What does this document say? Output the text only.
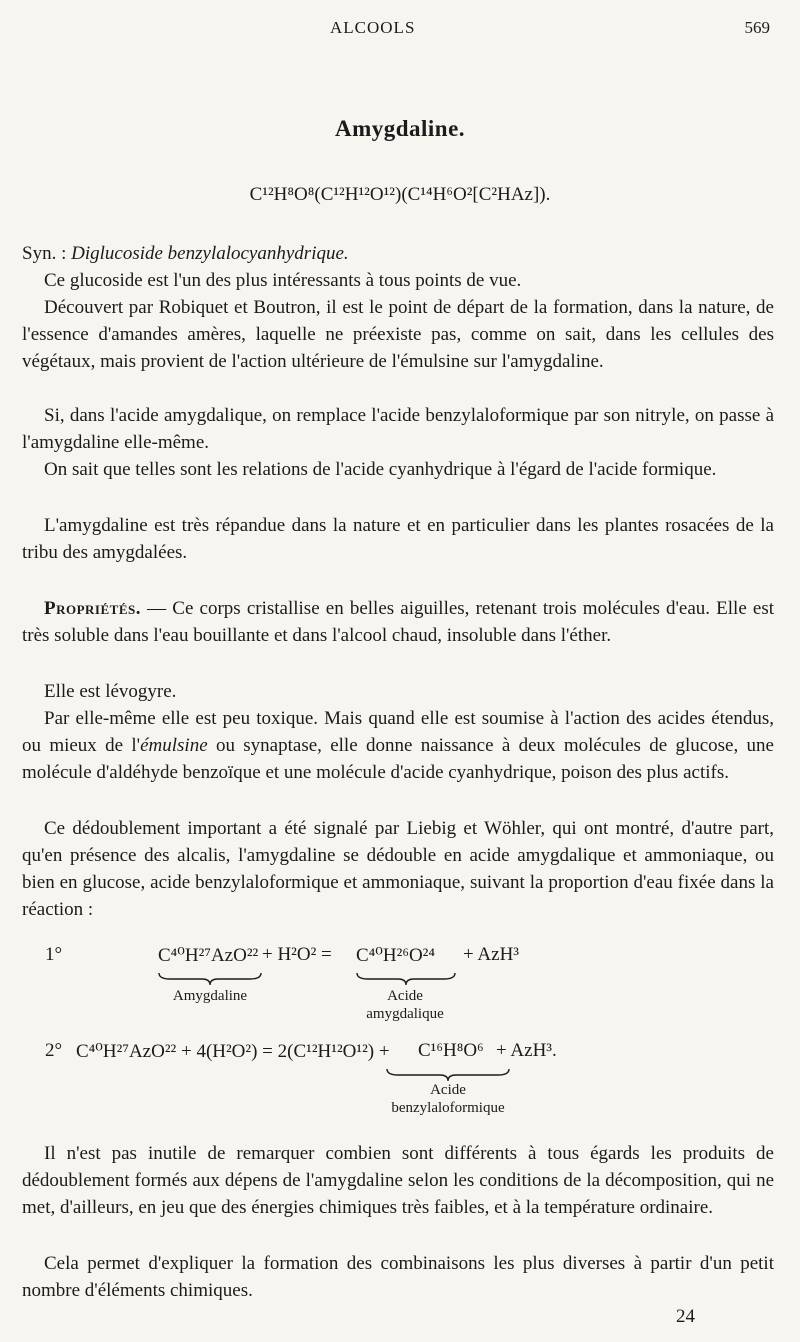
ALCOOLS	569
Amygdaline.
C¹²H⁸O⁸(C¹²H¹²O¹²)(C¹⁴H⁶O²[C²HAz]).

Syn. : Diglucoside benzylalocyanhydrique.

Ce glucoside est l'un des plus intéressants à tous points de vue.

Découvert par Robiquet et Boutron, il est le point de départ de la formation, dans la nature, de l'essence d'amandes amères, laquelle ne préexiste pas, comme on sait, dans les cellules des végétaux, mais provient de l'action ultérieure de l'émulsine sur l'amygdaline.

Si, dans l'acide amygdalique, on remplace l'acide benzylaloformique par son nitryle, on passe à l'amygdaline elle-même.

On sait que telles sont les relations de l'acide cyanhydrique à l'égard de l'acide formique.

L'amygdaline est très répandue dans la nature et en particulier dans les plantes rosacées de la tribu des amygdalées.

Propriétés. — Ce corps cristallise en belles aiguilles, retenant trois molécules d'eau. Elle est très soluble dans l'eau bouillante et dans l'alcool chaud, insoluble dans l'éther.

Elle est lévogyre.

Par elle-même elle est peu toxique. Mais quand elle est soumise à l'action des acides étendus, ou mieux de l'émulsine ou synaptase, elle donne naissance à deux molécules de glucose, une molécule d'aldéhyde benzoïque et une molécule d'acide cyanhydrique, poison des plus actifs.

Ce dédoublement important a été signalé par Liebig et Wöhler, qui ont montré, d'autre part, qu'en présence des alcalis, l'amygdaline se dédouble en acide amygdalique et ammoniaque, ou bien en glucose, acide benzylaloformique et ammoniaque, suivant la proportion d'eau fixée dans la réaction :

1°	C⁴⁰H²⁷AzO²² + H²O² = C⁴⁰H²⁶O²⁴ + AzH³
Amygdaline	Acide
amygdalique
2° C⁴⁰H²⁷AzO²² + 4(H²O²) = 2(C¹²H¹²O¹²) + C¹⁶H⁸O⁶ + AzH³.
Acide
benzylaloformique

Il n'est pas inutile de remarquer combien sont différents à tous égards les produits de dédoublement formés aux dépens de l'amygdaline selon les conditions de la décomposition, qui ne met, d'ailleurs, en jeu que des énergies chimiques très faibles, et à la température ordinaire.

Cela permet d'expliquer la formation des combinaisons les plus diverses à partir d'un petit nombre d'éléments chimiques.

24
